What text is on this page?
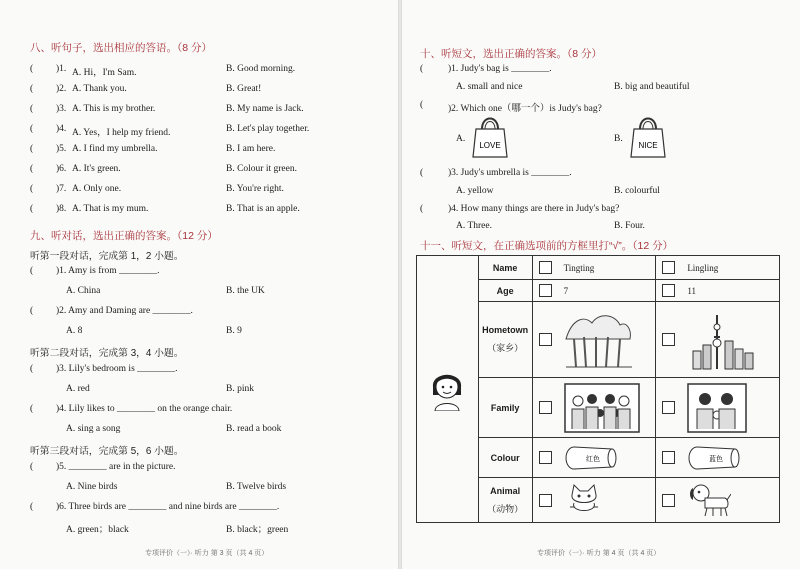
八、听句子，选出相应的答语。（8 分）
( )1. A. Hi，I'm Sam.	B. Good morning.
( )2. A. Thank you.	B. Great!
( )3. A. This is my brother.	B. My name is Jack.
( )4. A. Yes，I help my friend.	B. Let's play together.
( )5. A. I find my umbrella.	B. I am here.
( )6. A. It's green.	B. Colour it green.
( )7. A. Only one.	B. You're right.
( )8. A. That is my mum.	B. That is an apple.
九、听对话，选出正确的答案。（12 分）
听第一段对话，完成第 1，2 小题。
( )1. Amy is from ________.
A. China	B. the UK
( )2. Amy and Daming are ________.
A. 8	B. 9
听第二段对话，完成第 3，4 小题。
( )3. Lily's bedroom is ________.
A. red	B. pink
( )4. Lily likes to ________ on the orange chair.
A. sing a song	B. read a book
听第三段对话，完成第 5，6 小题。
( )5. ________ are in the picture.
A. Nine birds	B. Twelve birds
( )6. Three birds are ________ and nine birds are ________.
A. green；black	B. black；green
专项评价（一）· 听力 第 3 页（共 4 页）
十、听短文，选出正确的答案。（8 分）
(	)1. Judy's bag is ________.
A. small and nice	B. big and beautiful
(	)2. Which one（哪一个）is Judy's bag?
A.	B.
LOVE	NICE
(	)3. Judy's umbrella is ________.
A. yellow	B. colourful
(	)4. How many things are there in Judy's bag?
A. Three.	B. Four.
十一、听短文，在正确选项前的方框里打“√”。（12 分）
	Name	Tingting	Lingling

	Age	7	11

	Hometown
（家乡）

	Family	

	Colour	红色	蓝色

	Animal
（动物）

专项评价（一）· 听力 第 4 页（共 4 页）
